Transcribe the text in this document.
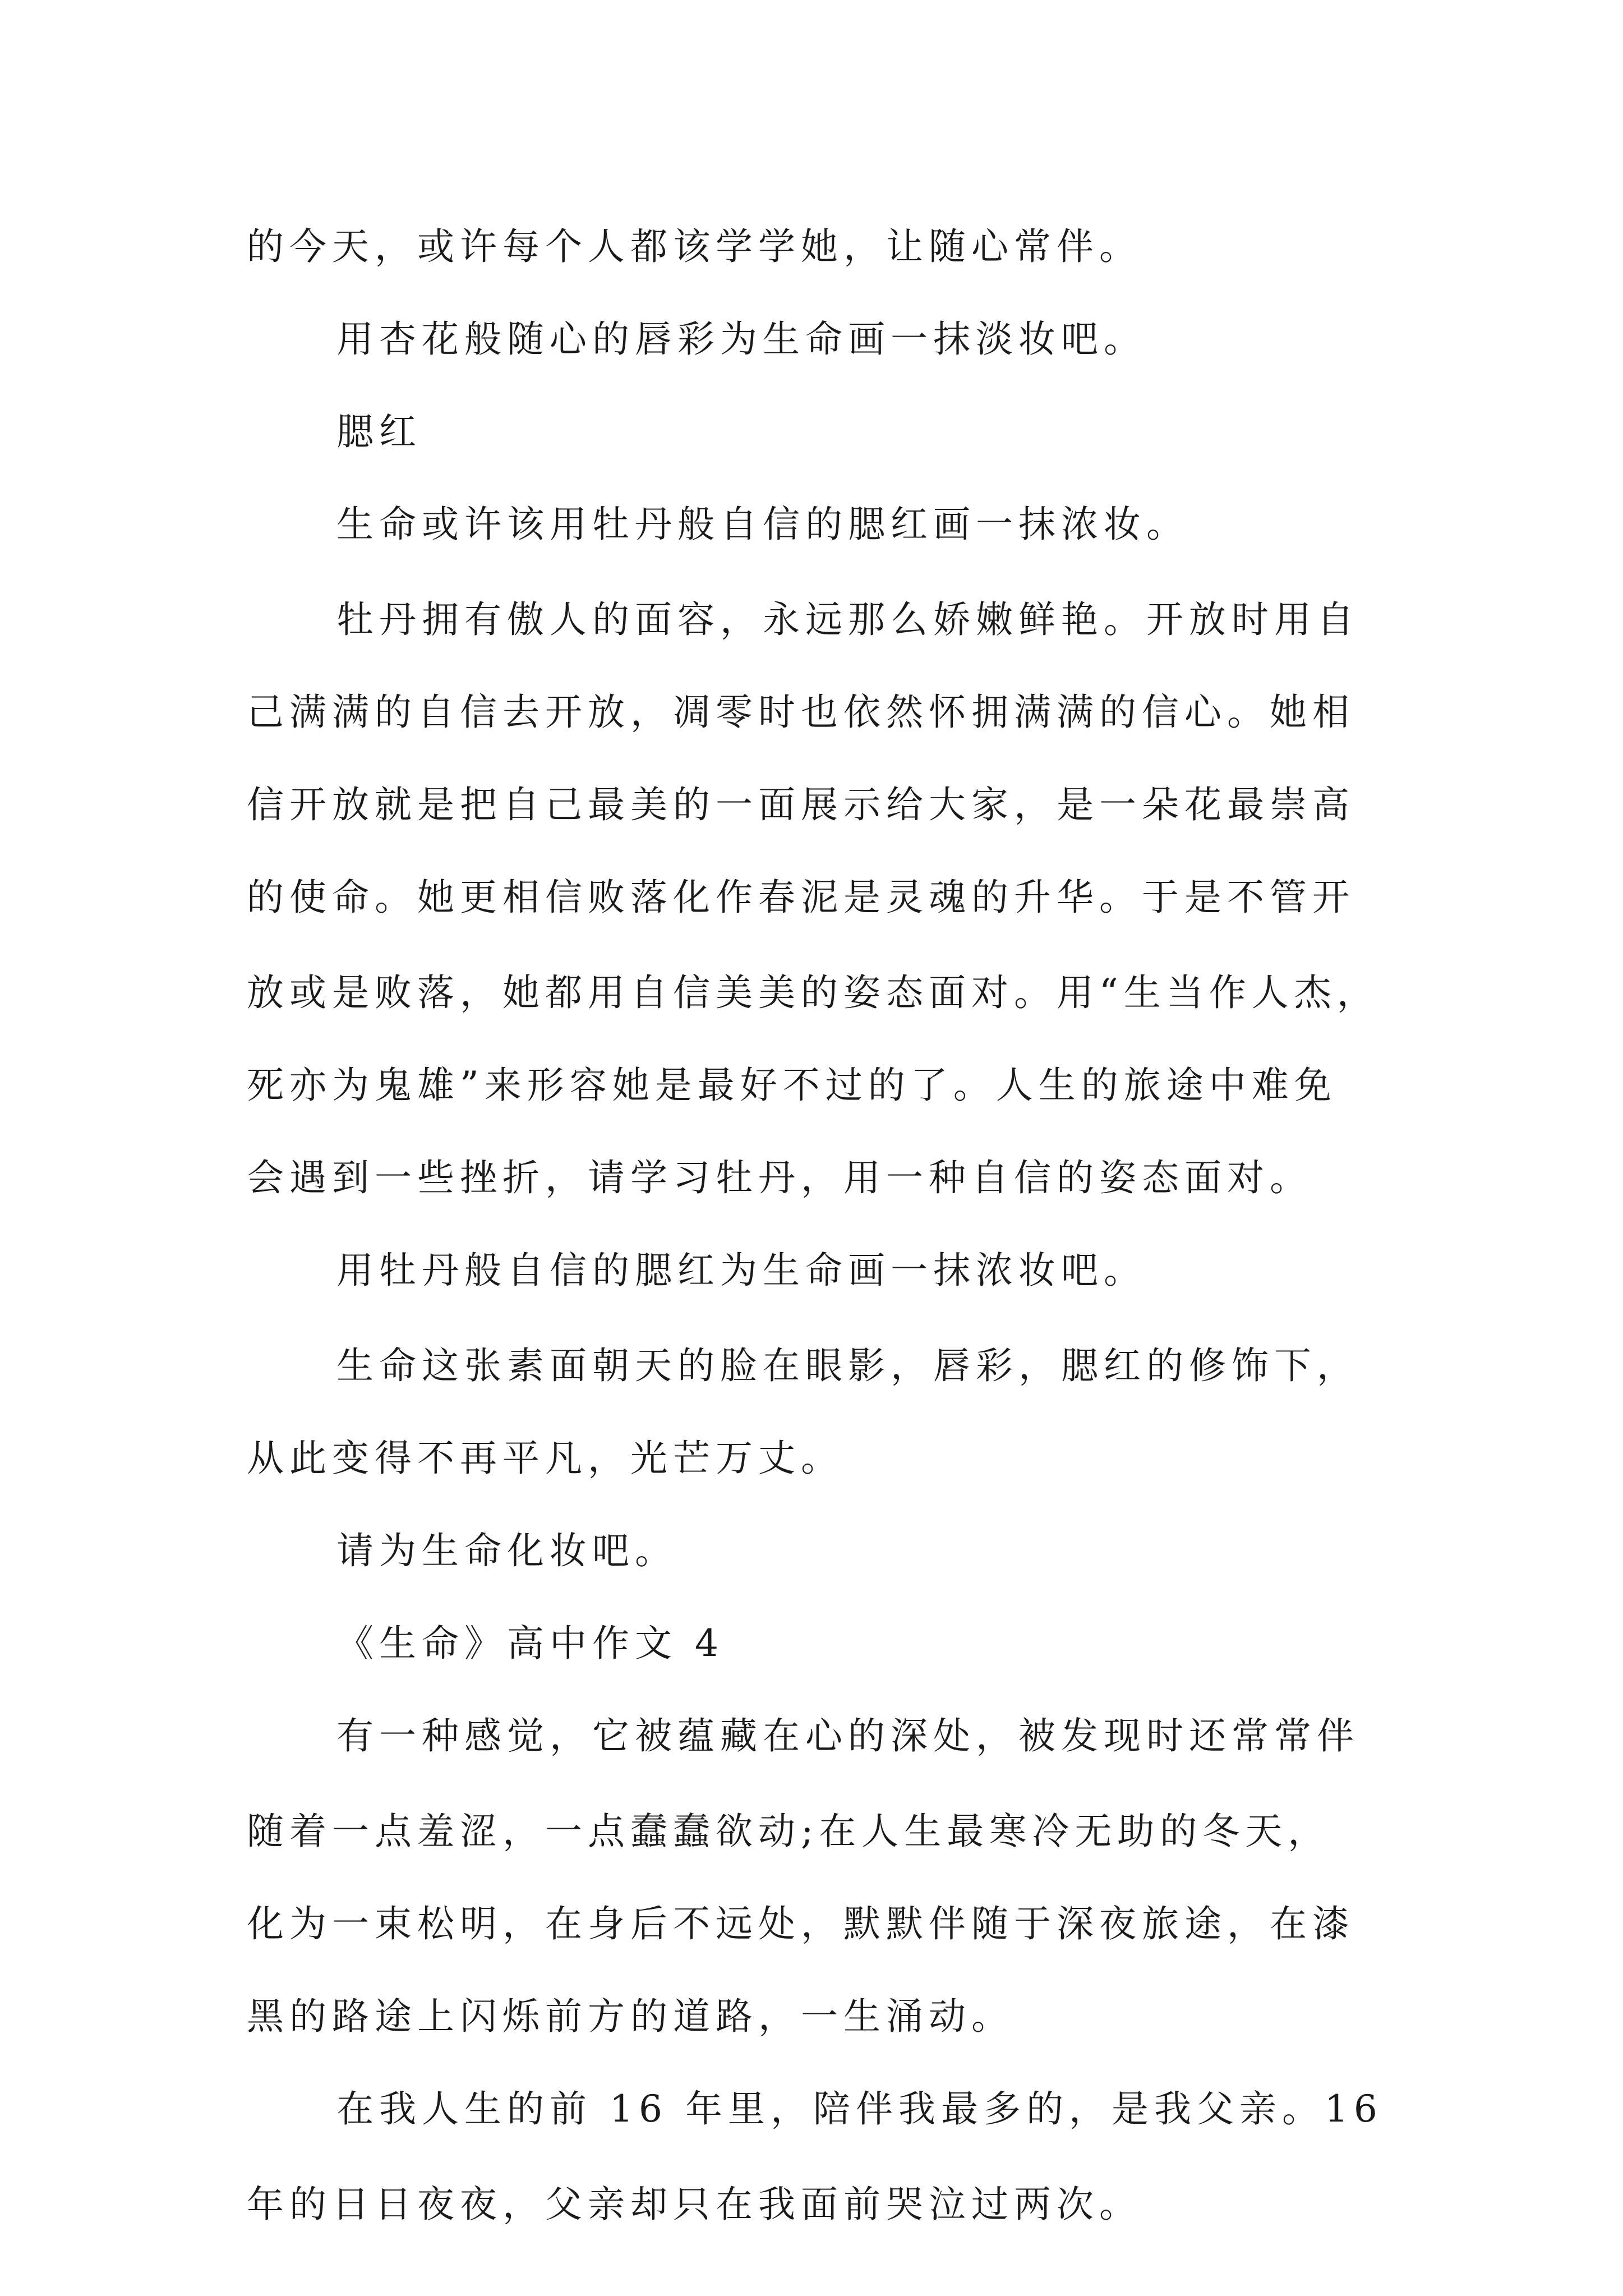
的今天，或许每个人都该学学她，让随心常伴。
用杏花般随心的唇彩为生命画一抹淡妆吧。
腮红
生命或许该用牡丹般自信的腮红画一抹浓妆。
牡丹拥有傲人的面容，永远那么娇嫩鲜艳。开放时用自
己满满的自信去开放，凋零时也依然怀拥满满的信心。她相
信开放就是把自己最美的一面展示给大家，是一朵花最崇高
的使命。她更相信败落化作春泥是灵魂的升华。于是不管开
放或是败落，她都用自信美美的姿态面对。用“生当作人杰，
死亦为鬼雄”来形容她是最好不过的了。人生的旅途中难免
会遇到一些挫折，请学习牡丹，用一种自信的姿态面对。
用牡丹般自信的腮红为生命画一抹浓妆吧。
生命这张素面朝天的脸在眼影，唇彩，腮红的修饰下，
从此变得不再平凡，光芒万丈。
请为生命化妆吧。
《生命》高中作文 4
有一种感觉，它被蕴藏在心的深处，被发现时还常常伴
随着一点羞涩，一点蠢蠢欲动;在人生最寒冷无助的冬天，
化为一束松明，在身后不远处，默默伴随于深夜旅途，在漆
黑的路途上闪烁前方的道路，一生涌动。
在我人生的前 16 年里，陪伴我最多的，是我父亲。16
年的日日夜夜，父亲却只在我面前哭泣过两次。
